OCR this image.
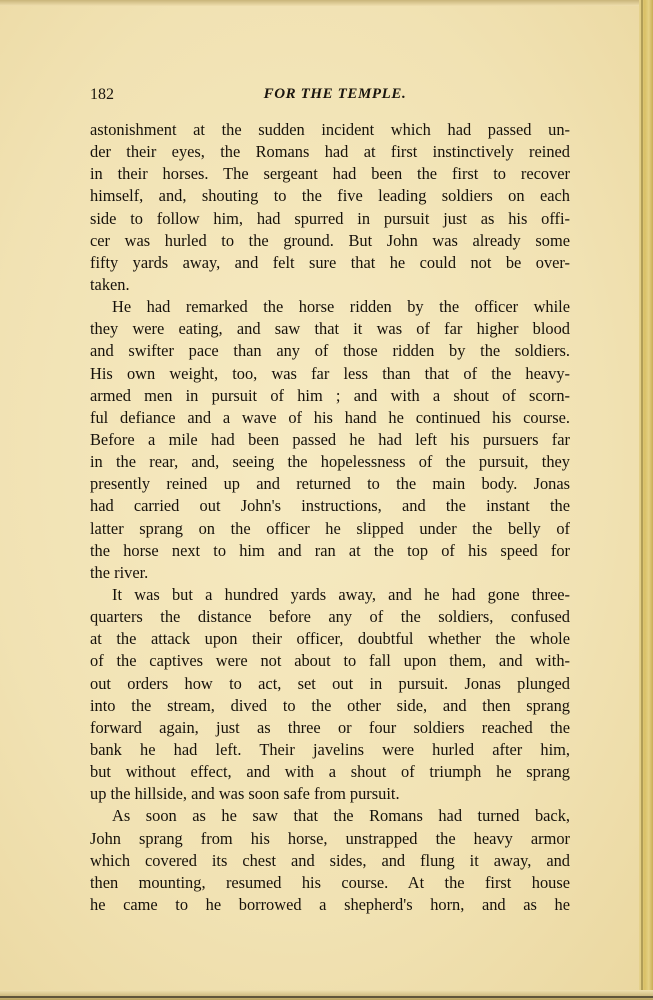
182	FOR THE TEMPLE.
astonishment at the sudden incident which had passed un-
der their eyes, the Romans had at first instinctively reined
in their horses. The sergeant had been the first to recover
himself, and, shouting to the five leading soldiers on each
side to follow him, had spurred in pursuit just as his offi-
cer was hurled to the ground. But John was already some
fifty yards away, and felt sure that he could not be over-
taken.
He had remarked the horse ridden by the officer while
they were eating, and saw that it was of far higher blood
and swifter pace than any of those ridden by the soldiers.
His own weight, too, was far less than that of the heavy-
armed men in pursuit of him ; and with a shout of scorn-
ful defiance and a wave of his hand he continued his course.
Before a mile had been passed he had left his pursuers far
in the rear, and, seeing the hopelessness of the pursuit, they
presently reined up and returned to the main body. Jonas
had carried out John's instructions, and the instant the
latter sprang on the officer he slipped under the belly of
the horse next to him and ran at the top of his speed for
the river.
It was but a hundred yards away, and he had gone three-
quarters the distance before any of the soldiers, confused
at the attack upon their officer, doubtful whether the whole
of the captives were not about to fall upon them, and with-
out orders how to act, set out in pursuit. Jonas plunged
into the stream, dived to the other side, and then sprang
forward again, just as three or four soldiers reached the
bank he had left. Their javelins were hurled after him,
but without effect, and with a shout of triumph he sprang
up the hillside, and was soon safe from pursuit.
As soon as he saw that the Romans had turned back,
John sprang from his horse, unstrapped the heavy armor
which covered its chest and sides, and flung it away, and
then mounting, resumed his course. At the first house
he came to he borrowed a shepherd's horn, and as he
